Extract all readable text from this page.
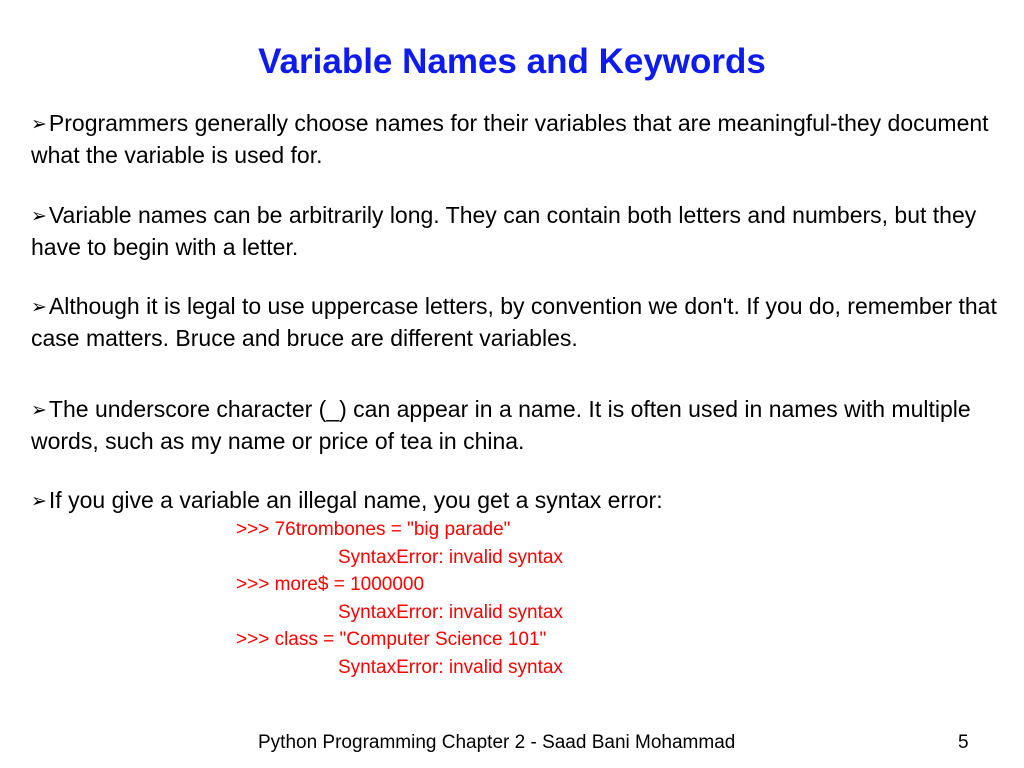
Variable Names and Keywords

➢Programmers generally choose names for their variables that are meaningful-they document what the variable is used for.

➢Variable names can be arbitrarily long. They can contain both letters and numbers, but they have to begin with a letter.

➢Although it is legal to use uppercase letters, by convention we don't. If you do, remember that case matters. Bruce and bruce are different variables.

➢The underscore character (_) can appear in a name. It is often used in names with multiple words, such as my name or price of tea in china.

➢If you give a variable an illegal name, you get a syntax error:

>>> 76trombones = "big parade"
SyntaxError: invalid syntax
>>> more$ = 1000000
SyntaxError: invalid syntax
>>> class = "Computer Science 101"
SyntaxError: invalid syntax
Python Programming Chapter 2 - Saad Bani Mohammad	5
